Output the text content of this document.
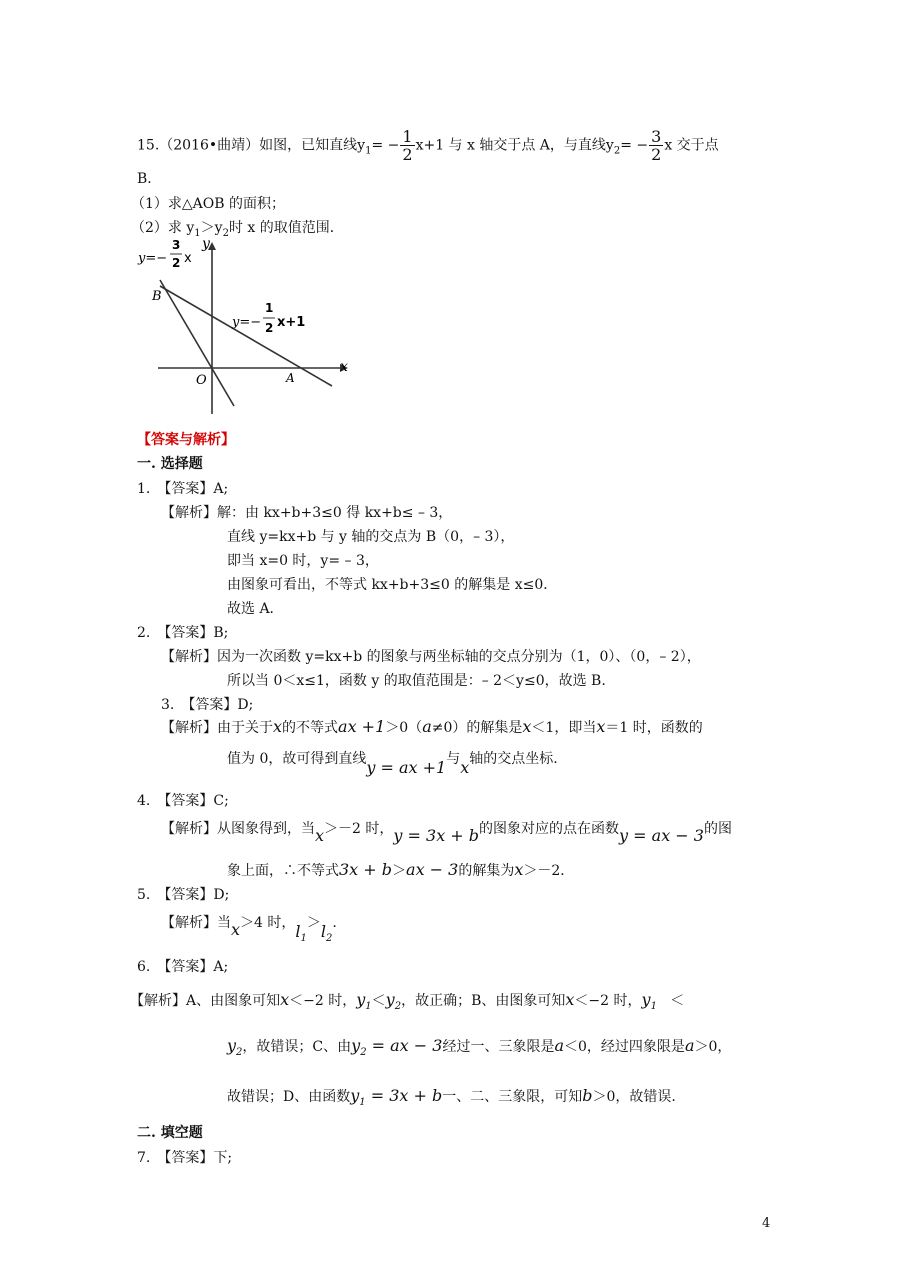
15.（2016•曲靖）如图，已知直线$y_1= - \frac{1}{2} x+1$ 与 x 轴交于点 A，与直线$y_2= - \frac{3}{2}$ x 交于点
B．
（1）求△AOB 的面积；
（2）求 $y_1>y_2$时 x 的取值范围．
y=−
3
2 x
y
B
y=−
1
2 x+1
x
O	A
【答案与解析】
一. 选择题
1.　【答案】A;
【解析】解：由 kx+b+3≤0 得 kx+b≤ – 3，
直线 y=kx+b 与 y 轴的交点为 B（0，– 3），
即当 x=0 时，y= – 3，
由图象可看出，不等式 kx+b+3≤0 的解集是 x≤0．
故选 A．
2.　【答案】B;
【解析】因为一次函数 y=kx+b 的图象与两坐标轴的交点分别为（1，0）、（0，– 2），
所以当 0＜x≤1，函数 y 的取值范围是：– 2＜y≤0，故选 B.
3.　【答案】D;
【解析】由于关于x的不等式ax +1＞0（a≠0）的解集是x＜1，即当x＝1 时，函数的
值为 0，故可得到直线y = ax +1与x轴的交点坐标.
4.　【答案】C;
【解析】从图象得到，当x＞－2 时，y = 3x + b的图象对应的点在函数y = ax − 3的图
象上面，∴不等式3x + b＞ax − 3的解集为x＞－2．
5.　【答案】D;
【解析】当x＞4 时，$l_1>l_2$.
6.　【答案】A;
【解析】A、由图象可知x＜−2 时，$y_1<y_2$，故正确；B、由图象可知x＜−2 时，$y_1$ ＜
$y_2$，故错误；C、由$y_2$ = ax − 3经过一、三象限是a＜0，经过四象限是a＞0，
故错误；D、由函数$y_1 = 3x + b$一、二、三象限，可知b＞0，故错误.
二. 填空题
7.　【答案】下;
4
